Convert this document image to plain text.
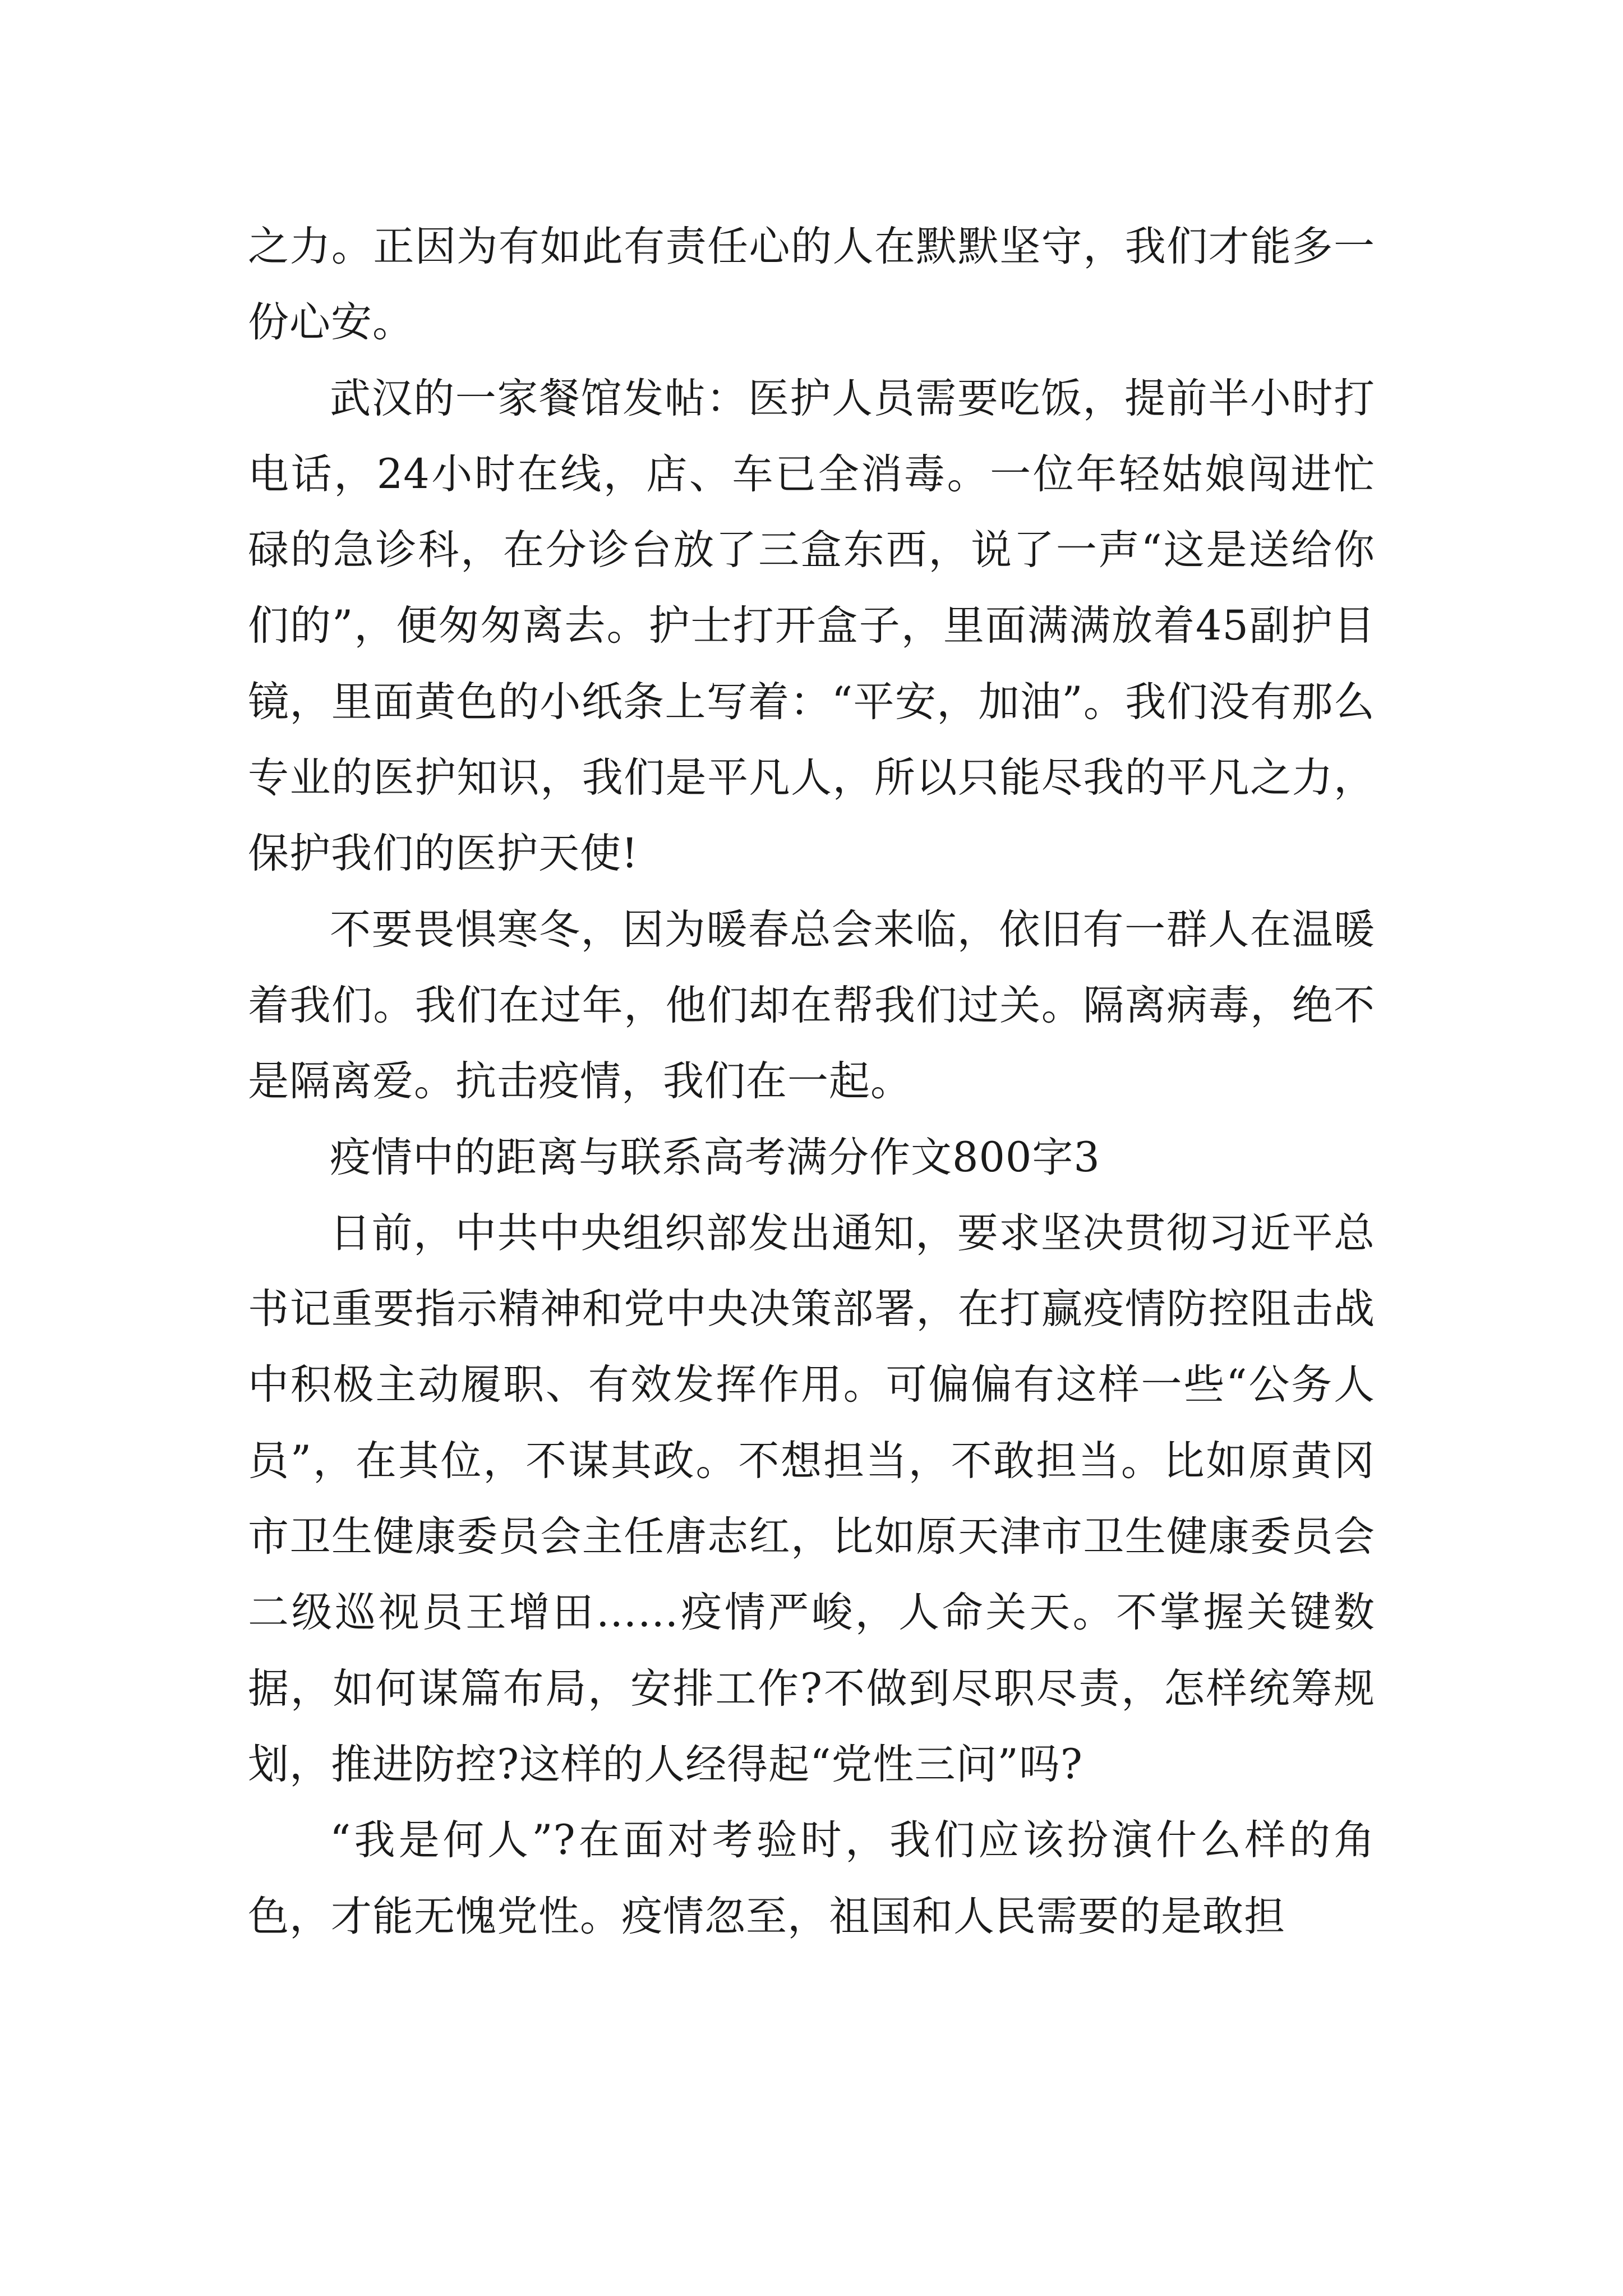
之力。正因为有如此有责任心的人在默默坚守，我们才能多一份心安。

武汉的一家餐馆发帖：医护人员需要吃饭，提前半小时打电话，24小时在线，店、车已全消毒。一位年轻姑娘闯进忙碌的急诊科，在分诊台放了三盒东西，说了一声“这是送给你们的”，便匆匆离去。护士打开盒子，里面满满放着45副护目镜，里面黄色的小纸条上写着：“平安，加油”。我们没有那么专业的医护知识，我们是平凡人，所以只能尽我的平凡之力，保护我们的医护天使!

不要畏惧寒冬，因为暖春总会来临，依旧有一群人在温暖着我们。我们在过年，他们却在帮我们过关。隔离病毒，绝不是隔离爱。抗击疫情，我们在一起。

疫情中的距离与联系高考满分作文800字3

日前，中共中央组织部发出通知，要求坚决贯彻习近平总书记重要指示精神和党中央决策部署，在打赢疫情防控阻击战中积极主动履职、有效发挥作用。可偏偏有这样一些“公务人员”，在其位，不谋其政。不想担当，不敢担当。比如原黄冈市卫生健康委员会主任唐志红，比如原天津市卫生健康委员会二级巡视员王增田……疫情严峻，人命关天。不掌握关键数据，如何谋篇布局，安排工作?不做到尽职尽责，怎样统筹规划，推进防控?这样的人经得起“党性三问”吗?

“我是何人”?在面对考验时，我们应该扮演什么样的角色，才能无愧党性。疫情忽至，祖国和人民需要的是敢担
